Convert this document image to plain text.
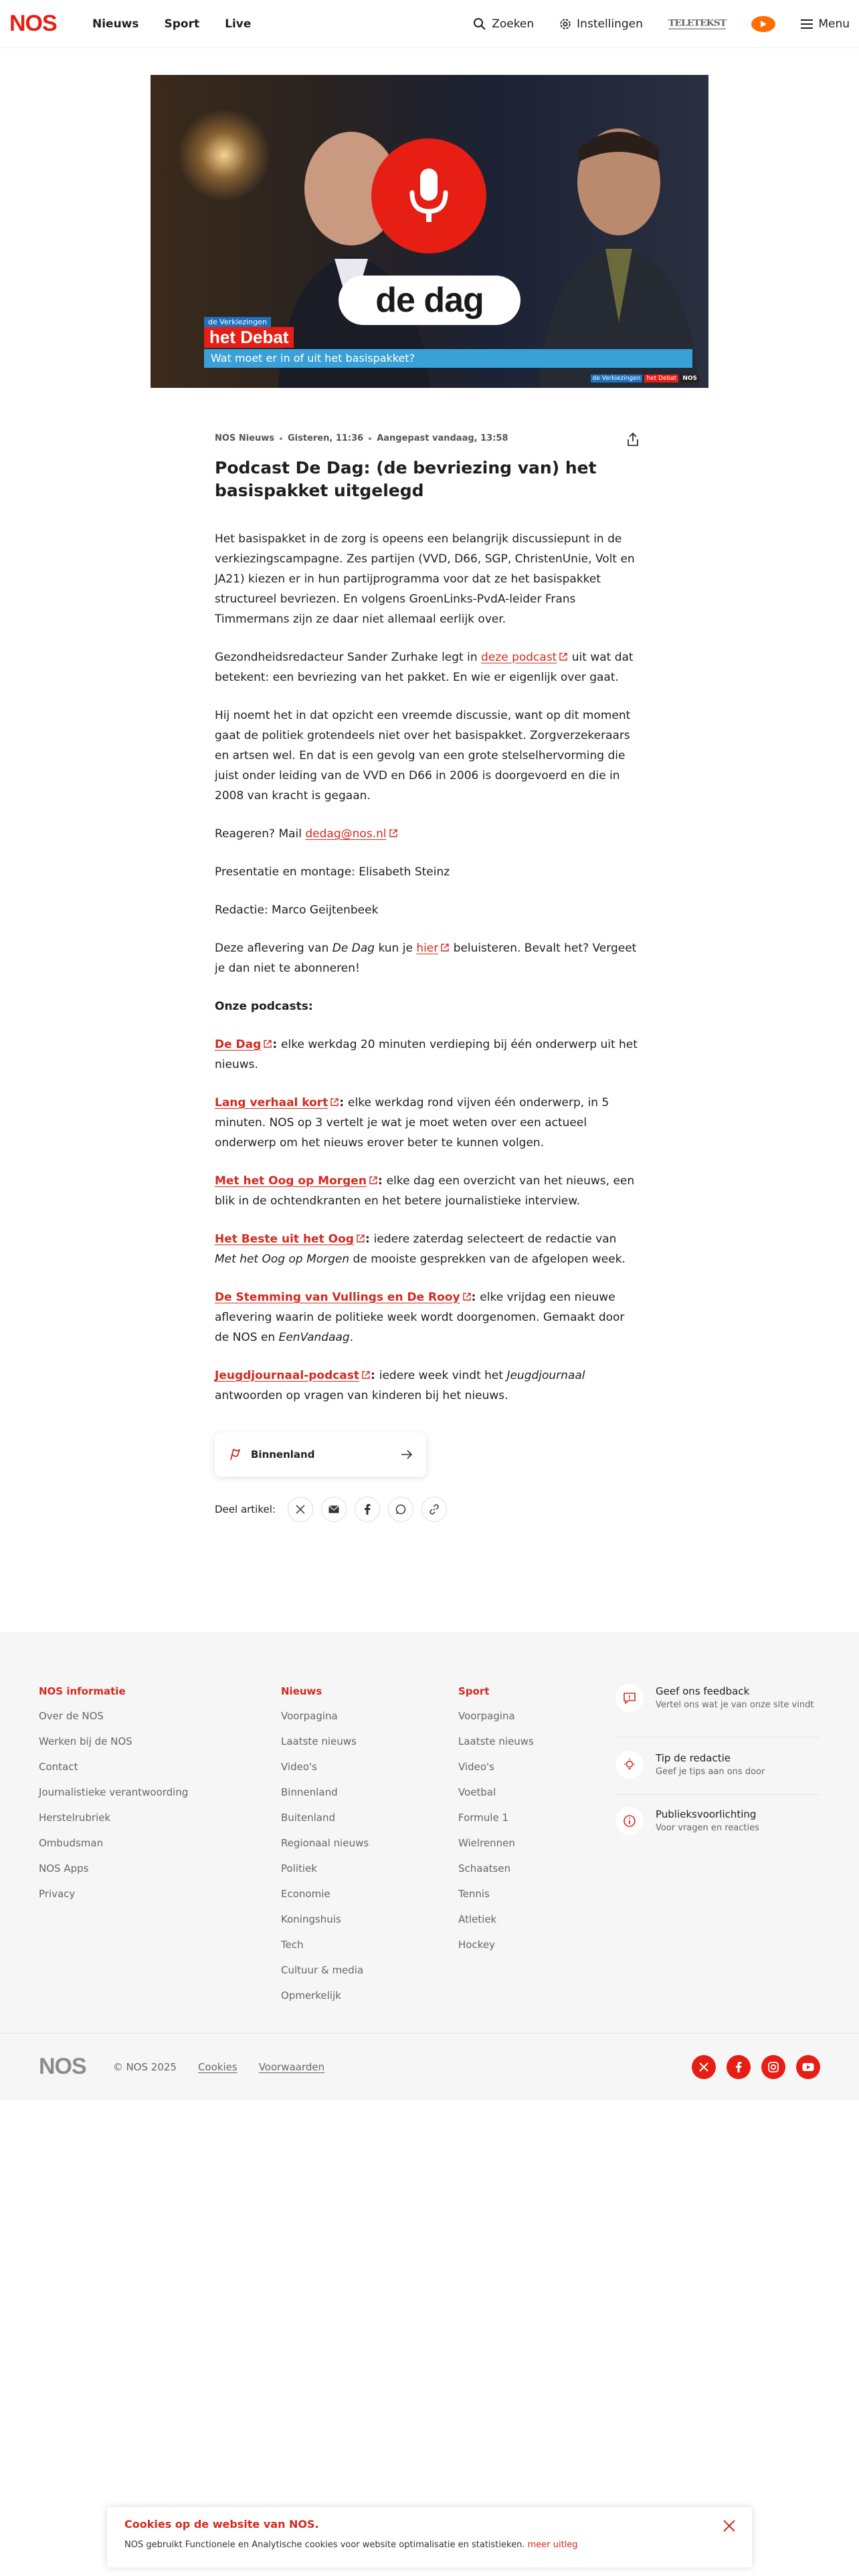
NOS	Nieuws Sport Live	Zoeken	Instellingen	TELETEKST	Menu
de dag
de Verkiezingen
het Debat
Wat moet er in of uit het basispakket?
de Verkiezingen	het Debat	NOS
NOS Nieuws Gisteren, 11:36 Aangepast vandaag, 13:58
Podcast De Dag: (de bevriezing van) het basispakket uitgelegd

Het basispakket in de zorg is opeens een belangrijk discussiepunt in de verkiezingscampagne. Zes partijen (VVD, D66, SGP, ChristenUnie, Volt en JA21) kiezen er in hun partijprogramma voor dat ze het basispakket structureel bevriezen. En volgens GroenLinks-PvdA-leider Frans Timmermans zijn ze daar niet allemaal eerlijk over.

Gezondheidsredacteur Sander Zurhake legt in deze podcast uit wat dat betekent: een bevriezing van het pakket. En wie er eigenlijk over gaat.

Hij noemt het in dat opzicht een vreemde discussie, want op dit moment gaat de politiek grotendeels niet over het basispakket. Zorgverzekeraars en artsen wel. En dat is een gevolg van een grote stelselhervorming die juist onder leiding van de VVD en D66 in 2006 is doorgevoerd en die in 2008 van kracht is gegaan.

Reageren? Mail dedag@nos.nl

Presentatie en montage: Elisabeth Steinz

Redactie: Marco Geijtenbeek

Deze aflevering van De Dag kun je hier beluisteren. Bevalt het? Vergeet je dan niet te abonneren!

Onze podcasts:

De Dag : elke werkdag 20 minuten verdieping bij één onderwerp uit het nieuws.

Lang verhaal kort : elke werkdag rond vijven één onderwerp, in 5 minuten. NOS op 3 vertelt je wat je moet weten over een actueel onderwerp om het nieuws erover beter te kunnen volgen.

Met het Oog op Morgen : elke dag een overzicht van het nieuws, een blik in de ochtendkranten en het betere journalistieke interview.

Het Beste uit het Oog : iedere zaterdag selecteert de redactie van Met het Oog op Morgen de mooiste gesprekken van de afgelopen week.

De Stemming van Vullings en De Rooy : elke vrijdag een nieuwe aflevering waarin de politieke week wordt doorgenomen. Gemaakt door de NOS en EenVandaag.

Jeugdjournaal-podcast : iedere week vindt het Jeugdjournaal antwoorden op vragen van kinderen bij het nieuws.

Binnenland
Deel artikel:
NOS informatie
Over de NOS
Werken bij de NOS
Contact
Journalistieke verantwoording
Herstelrubriek
Ombudsman
NOS Apps
Privacy
Nieuws
Voorpagina
Laatste nieuws
Video's
Binnenland
Buitenland
Regionaal nieuws
Politiek
Economie
Koningshuis
Tech
Cultuur & media
Opmerkelijk
Sport
Voorpagina
Laatste nieuws
Video's
Voetbal
Formule 1
Wielrennen
Schaatsen
Tennis
Atletiek
Hockey
Geef ons feedback
Vertel ons wat je van onze site vindt
Tip de redactie
Geef je tips aan ons door
Publieksvoorlichting
Voor vragen en reacties
NOS	© NOS 2025 Cookies Voorwaarden
Cookies op de website van NOS.
NOS gebruikt Functionele en Analytische cookies voor website optimalisatie en statistieken. meer uitleg
